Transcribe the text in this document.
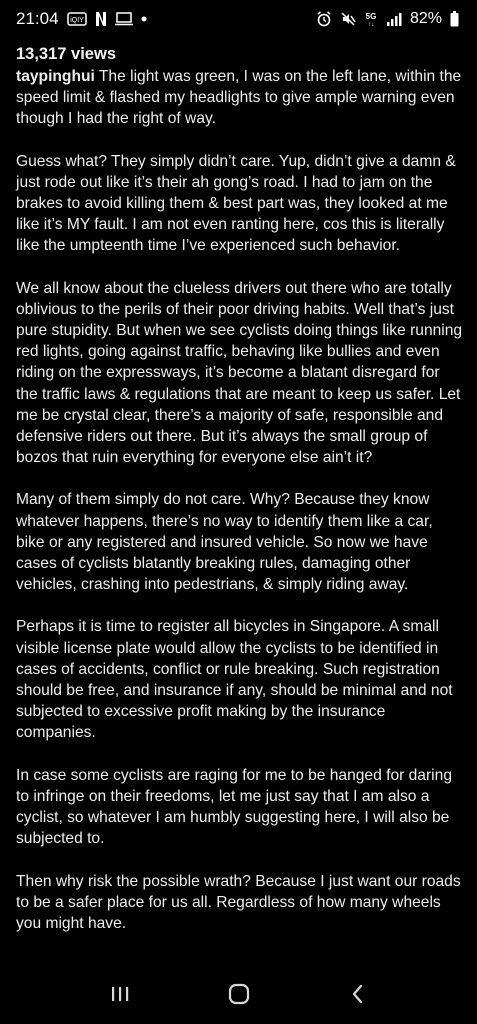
21:04 iQIY	5G
↑↓ 82%
13,317 views

taypinghui The light was green, I was on the left lane, within the speed limit & flashed my headlights to give ample warning even though I had the right of way.

Guess what? They simply didn’t care. Yup, didn’t give a damn & just rode out like it’s their ah gong’s road. I had to jam on the brakes to avoid killing them & best part was, they looked at me like it’s MY fault. I am not even ranting here, cos this is literally like the umpteenth time I’ve experienced such behavior.

We all know about the clueless drivers out there who are totally oblivious to the perils of their poor driving habits. Well that’s just pure stupidity. But when we see cyclists doing things like running red lights, going against traffic, behaving like bullies and even riding on the expressways, it’s become a blatant disregard for the traffic laws & regulations that are meant to keep us safer. Let me be crystal clear, there’s a majority of safe, responsible and defensive riders out there. But it’s always the small group of bozos that ruin everything for everyone else ain’t it?

Many of them simply do not care. Why? Because they know whatever happens, there’s no way to identify them like a car, bike or any registered and insured vehicle. So now we have cases of cyclists blatantly breaking rules, damaging other vehicles, crashing into pedestrians, & simply riding away.

Perhaps it is time to register all bicycles in Singapore. A small visible license plate would allow the cyclists to be identified in cases of accidents, conflict or rule breaking. Such registration should be free, and insurance if any, should be minimal and not subjected to excessive profit making by the insurance companies.

In case some cyclists are raging for me to be hanged for daring to infringe on their freedoms, let me just say that I am also a cyclist, so whatever I am humbly suggesting here, I will also be subjected to.

Then why risk the possible wrath? Because I just want our roads to be a safer place for us all. Regardless of how many wheels you might have.
